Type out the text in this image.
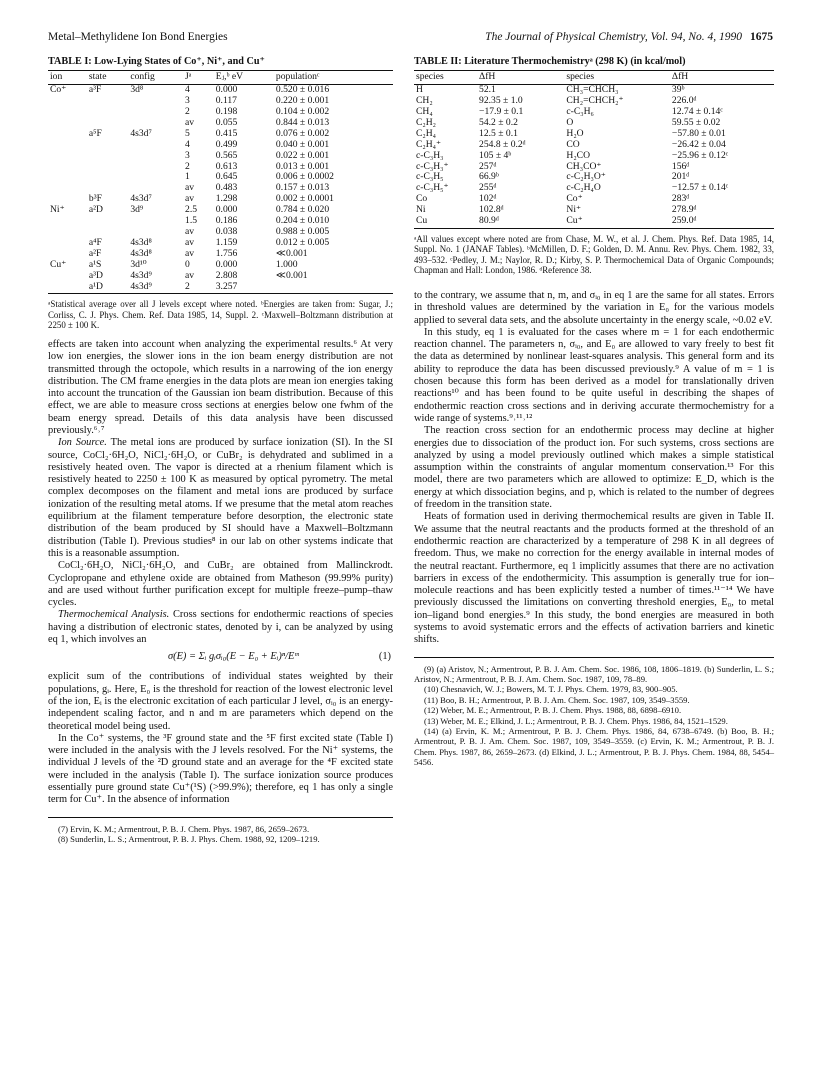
Metal–Methylidene Ion Bond Energies	The Journal of Physical Chemistry, Vol. 94, No. 4, 1990 1675
TABLE I: Low-Lying States of Co⁺, Ni⁺, and Cu⁺
ion	state	config	Jᵃ	Eⱼ,ᵇ eV	populationᶜ
Co⁺	a³F	3d⁸	4	0.000	0.520 ± 0.016
			3	0.117	0.220 ± 0.001
			2	0.198	0.104 ± 0.002
			av	0.055	0.844 ± 0.013
	a⁵F	4s3d⁷	5	0.415	0.076 ± 0.002
			4	0.499	0.040 ± 0.001
			3	0.565	0.022 ± 0.001
			2	0.613	0.013 ± 0.001
			1	0.645	0.006 ± 0.0002
			av	0.483	0.157 ± 0.013
	b³F	4s3d⁷	av	1.298	0.002 ± 0.0001
Ni⁺	a²D	3d⁹	2.5	0.000	0.784 ± 0.020
			1.5	0.186	0.204 ± 0.010
			av	0.038	0.988 ± 0.005
	a⁴F	4s3d⁸	av	1.159	0.012 ± 0.005
	a²F	4s3d⁸	av	1.756	≪0.001
Cu⁺	a¹S	3d¹⁰	0	0.000	1.000
	a³D	4s3d⁹	av	2.808	≪0.001
	a¹D	4s3d⁹	2	3.257	
ᵃStatistical average over all J levels except where noted. ᵇEnergies are taken from: Sugar, J.; Corliss, C. J. Phys. Chem. Ref. Data 1985, 14, Suppl. 2. ᶜMaxwell–Boltzmann distribution at 2250 ± 100 K.

effects are taken into account when analyzing the experimental results.⁶ At very low ion energies, the slower ions in the ion beam energy distribution are not transmitted through the octopole, which results in a narrowing of the ion energy distribution. The CM frame energies in the data plots are mean ion energies taking into account the truncation of the Gaussian ion beam distribution. Because of this effect, we are able to measure cross sections at energies below one fwhm of the beam energy spread. Details of this data analysis have been discussed previously.⁶˒⁷

Ion Source. The metal ions are produced by surface ionization (SI). In the SI source, CoCl₂·6H₂O, NiCl₂·6H₂O, or CuBr₂ is dehydrated and sublimed in a resistively heated oven. The vapor is directed at a rhenium filament which is resistively heated to 2250 ± 100 K as measured by optical pyrometry. The metal complex decomposes on the filament and metal ions are produced by surface ionization of the resulting metal atoms. If we presume that the metal atom reaches equilibrium at the filament temperature before desorption, the electronic state distribution of the beam produced by SI should have a Maxwell–Boltzmann distribution (Table I). Previous studies⁸ in our lab on other systems indicate that this is a reasonable assumption.

CoCl₂·6H₂O, NiCl₂·6H₂O, and CuBr₂ are obtained from Mallinckrodt. Cyclopropane and ethylene oxide are obtained from Matheson (99.99% purity) and are used without further purification except for multiple freeze–pump–thaw cycles.

Thermochemical Analysis. Cross sections for endothermic reactions of species having a distribution of electronic states, denoted by i, can be analyzed by using eq 1, which involves an

σ(E) = Σᵢ gᵢσᵢ₀(E − E₀ + Eᵢ)ⁿ/Eᵐ	(1)

explicit sum of the contributions of individual states weighted by their populations, gᵢ. Here, E₀ is the threshold for reaction of the lowest electronic level of the ion, Eᵢ is the electronic excitation of each particular J level, σᵢ₀ is an energy-independent scaling factor, and n and m are parameters which depend on the theoretical model being used.

In the Co⁺ systems, the ³F ground state and the ⁵F first excited state (Table I) were included in the analysis with the J levels resolved. For the Ni⁺ systems, the individual J levels of the ²D ground state and an average for the ⁴F excited state were included in the analysis (Table I). The surface ionization source produces essentially pure ground state Cu⁺(¹S) (>99.9%); therefore, eq 1 has only a single term for Cu⁺. In the absence of information

(7) Ervin, K. M.; Armentrout, P. B. J. Chem. Phys. 1987, 86, 2659–2673.
(8) Sunderlin, L. S.; Armentrout, P. B. J. Phys. Chem. 1988, 92, 1209–1219.
TABLE II: Literature Thermochemistryᵃ (298 K) (in kcal/mol)
species	ΔfH	species	ΔfH
H	52.1	CH₃=CHCH₃	39ᵇ
CH₂	92.35 ± 1.0	CH₂=CHCH₂⁺	226.0ᵈ
CH₄	−17.9 ± 0.1	c-C₃H₆	12.74 ± 0.14ᶜ
C₂H₂	54.2 ± 0.2	O	59.55 ± 0.02
C₂H₄	12.5 ± 0.1	H₂O	−57.80 ± 0.01
C₂H₄⁺	254.8 ± 0.2ᵈ	CO	−26.42 ± 0.04
c-C₃H₃	105 ± 4ᵇ	H₂CO	−25.96 ± 0.12ᶜ
c-C₃H₃⁺	257ᵈ	CH₃CO⁺	156ᵈ
c-C₃H₅	66.9ᵇ	c-C₂H₃O⁺	201ᵈ
c-C₃H₅⁺	255ᵈ	c-C₂H₄O	−12.57 ± 0.14ᶜ
Co	102ᵈ	Co⁺	283ᵈ
Ni	102.8ᵈ	Ni⁺	278.9ᵈ
Cu	80.9ᵈ	Cu⁺	259.0ᵈ
ᵃAll values except where noted are from Chase, M. W., et al. J. Chem. Phys. Ref. Data 1985, 14, Suppl. No. 1 (JANAF Tables). ᵇMcMillen, D. F.; Golden, D. M. Annu. Rev. Phys. Chem. 1982, 33, 493–532. ᶜPedley, J. M.; Naylor, R. D.; Kirby, S. P. Thermochemical Data of Organic Compounds; Chapman and Hall: London, 1986. ᵈReference 38.

to the contrary, we assume that n, m, and σᵢ₀ in eq 1 are the same for all states. Errors in threshold values are determined by the variation in E₀ for the various models applied to several data sets, and the absolute uncertainty in the energy scale, ~0.02 eV.

In this study, eq 1 is evaluated for the cases where m = 1 for each endothermic reaction channel. The parameters n, σᵢ₀, and E₀ are allowed to vary freely to best fit the data as determined by nonlinear least-squares analysis. This general form and its ability to reproduce the data has been discussed previously.⁹ A value of m = 1 is chosen because this form has been derived as a model for translationally driven reactions¹⁰ and has been found to be quite useful in describing the shapes of endothermic reaction cross sections and in deriving accurate thermochemistry for a wide range of systems.⁹˒¹¹˒¹²

The reaction cross section for an endothermic process may decline at higher energies due to dissociation of the product ion. For such systems, cross sections are analyzed by using a model previously outlined which makes a simple statistical assumption within the constraints of angular momentum conservation.¹³ For this model, there are two parameters which are allowed to optimize: E_D, which is the energy at which dissociation begins, and p, which is related to the number of degrees of freedom in the transition state.

Heats of formation used in deriving thermochemical results are given in Table II. We assume that the neutral reactants and the products formed at the threshold of an endothermic reaction are characterized by a temperature of 298 K in all degrees of freedom. Thus, we make no correction for the energy available in internal modes of the neutral reactant. Furthermore, eq 1 implicitly assumes that there are no activation barriers in excess of the endothermicity. This assumption is generally true for ion–molecule reactions and has been explicitly tested a number of times.¹¹⁻¹⁴ We have previously discussed the limitations on converting threshold energies, E₀, to metal ion–ligand bond energies.⁹ In this study, the bond energies are measured in both systems to avoid systematic errors and the effects of activation barriers and kinetic shifts.

(9) (a) Aristov, N.; Armentrout, P. B. J. Am. Chem. Soc. 1986, 108, 1806–1819. (b) Sunderlin, L. S.; Aristov, N.; Armentrout, P. B. J. Am. Chem. Soc. 1987, 109, 78–89.
(10) Chesnavich, W. J.; Bowers, M. T. J. Phys. Chem. 1979, 83, 900–905.
(11) Boo, B. H.; Armentrout, P. B. J. Am. Chem. Soc. 1987, 109, 3549–3559.
(12) Weber, M. E.; Armentrout, P. B. J. Chem. Phys. 1988, 88, 6898–6910.
(13) Weber, M. E.; Elkind, J. L.; Armentrout, P. B. J. Chem. Phys. 1986, 84, 1521–1529.
(14) (a) Ervin, K. M.; Armentrout, P. B. J. Chem. Phys. 1986, 84, 6738–6749. (b) Boo, B. H.; Armentrout, P. B. J. Am. Chem. Soc. 1987, 109, 3549–3559. (c) Ervin, K. M.; Armentrout, P. B. J. Chem. Phys. 1987, 86, 2659–2673. (d) Elkind, J. L.; Armentrout, P. B. J. Phys. Chem. 1984, 88, 5454–5456.
